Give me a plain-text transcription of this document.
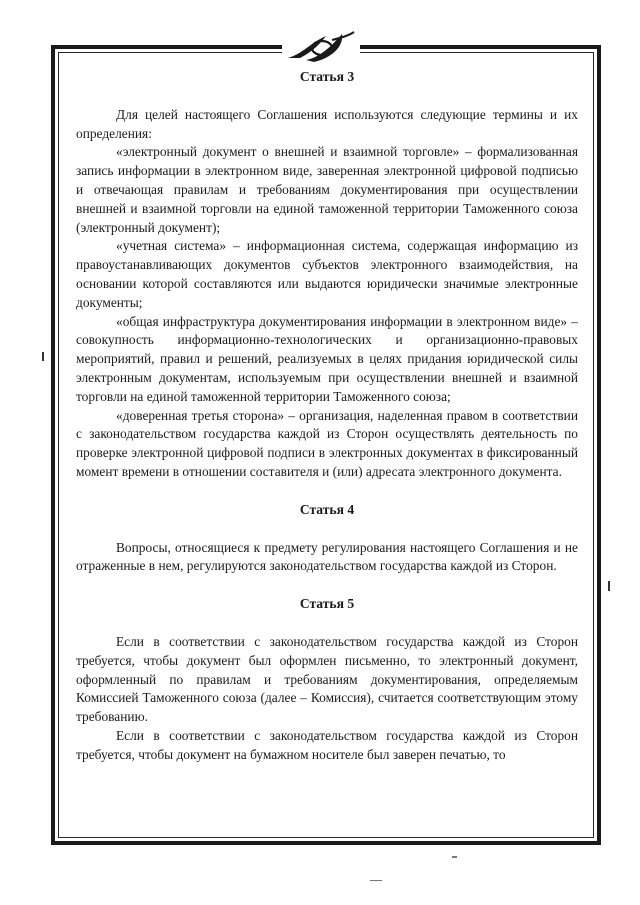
Статья 3

Для целей настоящего Соглашения используются следующие термины и их определения:

«электронный документ о внешней и взаимной торговле» – формализованная запись информации в электронном виде, заверенная электронной цифровой подписью и отвечающая правилам и требованиям документирования при осуществлении внешней и взаимной торговли на единой таможенной территории Таможенного союза (электронный документ);

«учетная система» – информационная система, содержащая информацию из правоустанавливающих документов субъектов электронного взаимодействия, на основании которой составляются или выдаются юридически значимые электронные документы;

«общая инфраструктура документирования информации в электронном виде» – совокупность информационно-технологических и организационно-правовых мероприятий, правил и решений, реализуемых в целях придания юридической силы электронным документам, используемым при осуществлении внешней и взаимной торговли на единой таможенной территории Таможенного союза;

«доверенная третья сторона» – организация, наделенная правом в соответствии с законодательством государства каждой из Сторон осуществлять деятельность по проверке электронной цифровой подписи в электронных документах в фиксированный момент времени в отношении составителя и (или) адресата электронного документа.

Статья 4

Вопросы, относящиеся к предмету регулирования настоящего Соглашения и не отраженные в нем, регулируются законодательством государства каждой из Сторон.

Статья 5

Если в соответствии с законодательством государства каждой из Сторон требуется, чтобы документ был оформлен письменно, то электронный документ, оформленный по правилам и требованиям документирования, определяемым Комиссией Таможенного союза (далее – Комиссия), считается соответствующим этому требованию.

Если в соответствии с законодательством государства каждой из Сторон требуется, чтобы документ на бумажном носителе был заверен печатью, то
